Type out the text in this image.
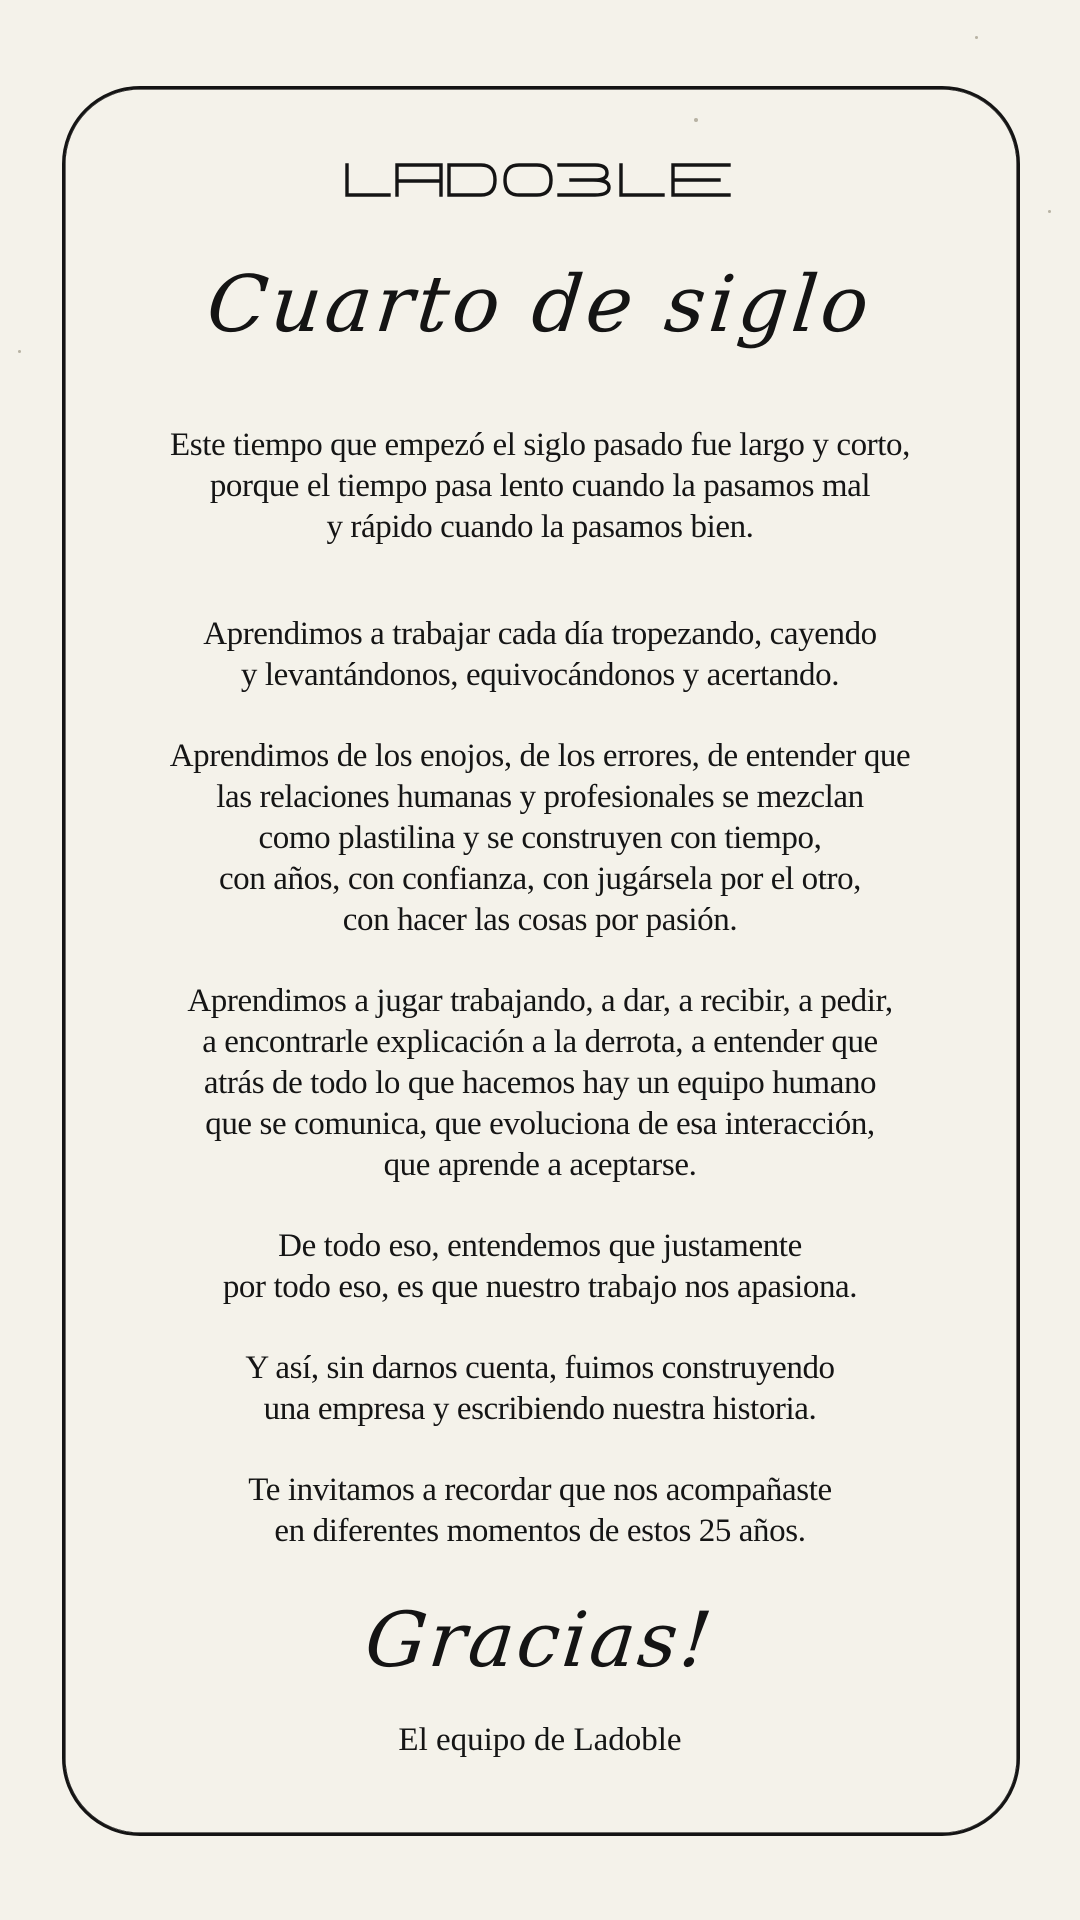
Cuarto de siglo

Este tiempo que empezó el siglo pasado fue largo y corto,
porque el tiempo pasa lento cuando la pasamos mal
y rápido cuando la pasamos bien.

Aprendimos a trabajar cada día tropezando, cayendo
y levantándonos, equivocándonos y acertando.

Aprendimos de los enojos, de los errores, de entender que
las relaciones humanas y profesionales se mezclan
como plastilina y se construyen con tiempo,
con años, con confianza, con jugársela por el otro,
con hacer las cosas por pasión.

Aprendimos a jugar trabajando, a dar, a recibir, a pedir,
a encontrarle explicación a la derrota, a entender que
atrás de todo lo que hacemos hay un equipo humano
que se comunica, que evoluciona de esa interacción,
que aprende a aceptarse.

De todo eso, entendemos que justamente
por todo eso, es que nuestro trabajo nos apasiona.

Y así, sin darnos cuenta, fuimos construyendo
una empresa y escribiendo nuestra historia.

Te invitamos a recordar que nos acompañaste
en diferentes momentos de estos 25 años.

Gracias!
El equipo de Ladoble
